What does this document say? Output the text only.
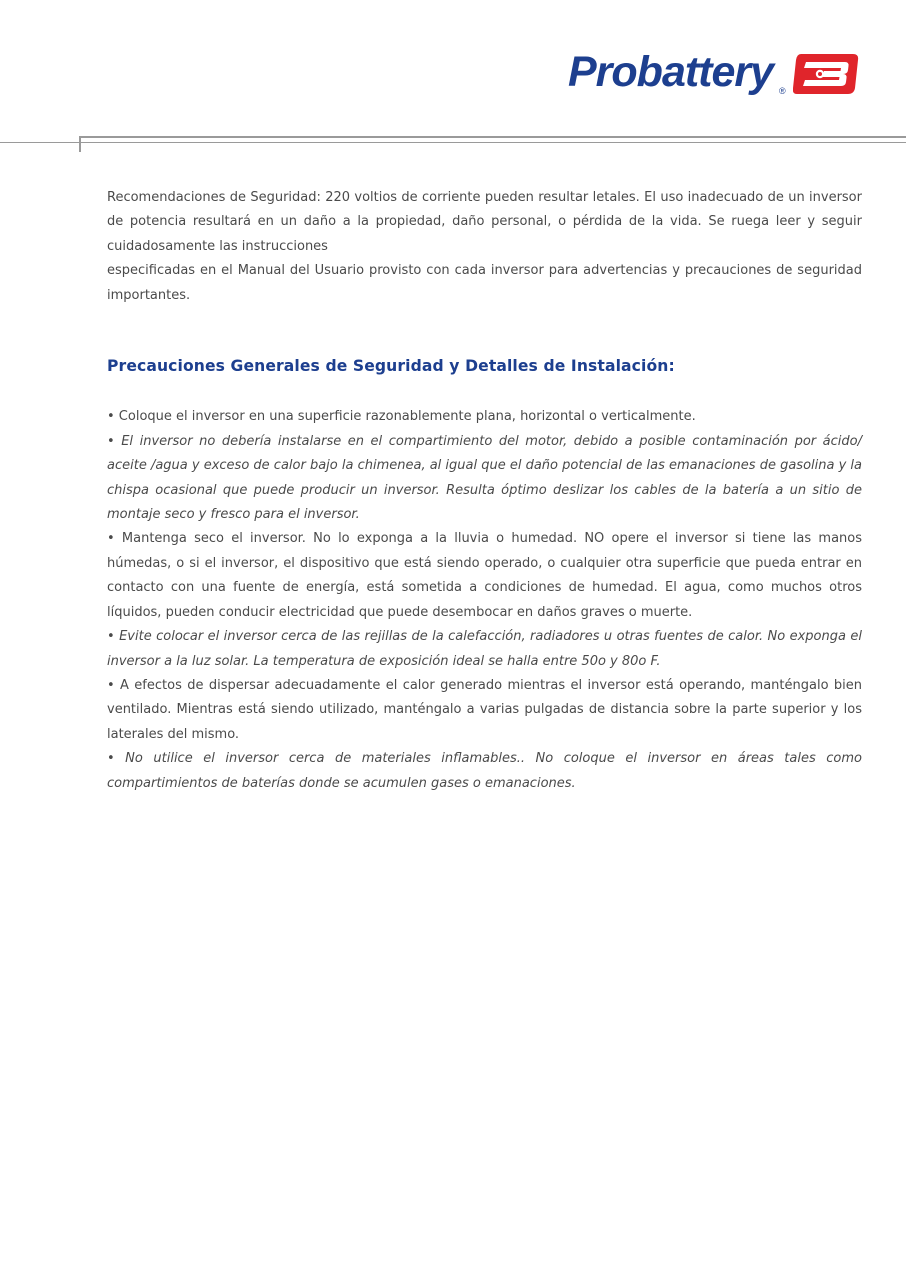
Probattery ®

Recomendaciones de Seguridad: 220 voltios de corriente pueden resultar letales. El uso inadecuado de un inversor de potencia resultará en un daño a la propiedad, daño personal, o pérdida de la vida. Se ruega leer y seguir cuidadosamente las instrucciones

especificadas en el Manual del Usuario provisto con cada inversor para advertencias y precauciones de seguridad importantes.

Precauciones Generales de Seguridad y Detalles de Instalación:

• Coloque el inversor en una superficie razonablemente plana, horizontal o verticalmente.

• El inversor no debería instalarse en el compartimiento del motor, debido a posible contaminación por ácido/ aceite /agua y exceso de calor bajo la chimenea, al igual que el daño potencial de las emanaciones de gasolina y la chispa ocasional que puede producir un inversor. Resulta óptimo deslizar los cables de la batería a un sitio de montaje seco y fresco para el inversor.

• Mantenga seco el inversor. No lo exponga a la lluvia o humedad. NO opere el inversor si tiene las manos húmedas, o si el inversor, el dispositivo que está siendo operado, o cualquier otra superficie que pueda entrar en contacto con una fuente de energía, está sometida a condiciones de humedad. El agua, como muchos otros líquidos, pueden conducir electricidad que puede desembocar en daños graves o muerte.

• Evite colocar el inversor cerca de las rejillas de la calefacción, radiadores u otras fuentes de calor. No exponga el inversor a la luz solar. La temperatura de exposición ideal se halla entre 50o y 80o F.

• A efectos de dispersar adecuadamente el calor generado mientras el inversor está operando, manténgalo bien ventilado. Mientras está siendo utilizado, manténgalo a varias pulgadas de distancia sobre la parte superior y los laterales del mismo.

• No utilice el inversor cerca de materiales inflamables.. No coloque el inversor en áreas tales como compartimientos de baterías donde se acumulen gases o emanaciones.
